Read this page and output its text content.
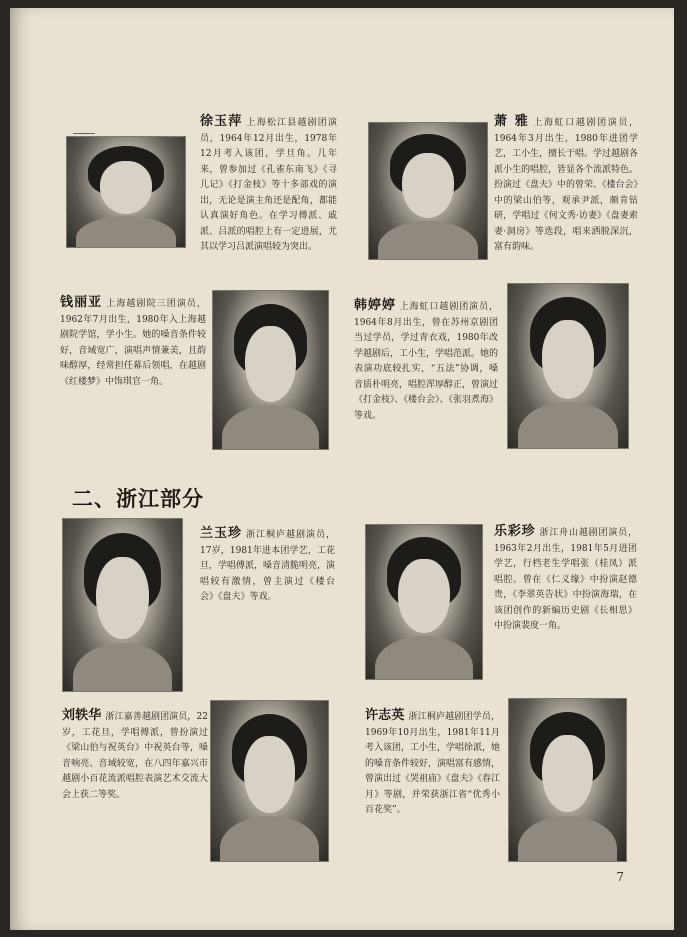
徐玉萍 上海松江县越剧团演员，1964年12月出生，1978年12月考入该团，学旦角。几年来，曾参加过《孔雀东南飞》《寻儿记》《打金枝》等十多部戏的演出，无论是演主角还是配角，都能认真演好角色。在学习傅派、戚派、吕派的唱腔上有一定进展，尤其以学习吕派演唱较为突出。
萧 雅 上海虹口越剧团演员，1964年3月出生，1980年进团学艺，工小生，擅长于唱。学过越剧各派小生的唱腔，皆显各个流派特色。扮演过《盘夫》中的曾荣、《楼台会》中的梁山伯等，观承尹派，颇肯钻研，学唱过《何文秀·访妻》《盘妻索妻·洞房》等选段，唱来洒脱深沉，富有韵味。
钱丽亚 上海越剧院三团演员，1962年7月出生，1980年入上海越剧院学馆，学小生。她的嗓音条件较好，音域宽广，演唱声情兼美，且韵味醇厚，经常担任幕后领唱，在越剧《红楼梦》中饰琪官一角。
韩婷婷 上海虹口越剧团演员，1964年8月出生，曾在苏州京剧团当过学员，学过青衣戏，1980年改学越剧后，工小生，学唱范派。她的表演功底较扎实，“五法”协调，嗓音质朴明亮，唱腔浑厚醇正，曾演过《打金枝》、《楼台会》、《张羽煮海》等戏。
二、浙江部分
兰玉珍 浙江桐庐越剧演员，17岁，1981年进本团学艺，工花旦，学唱傅派，嗓音清脆明亮，演唱较有激情，曾主演过《楼台会》《盘夫》等戏。
乐彩珍 浙江舟山越剧团演员，1963年2月出生，1981年5月进团学艺，行档老生学唱张（桂凤）派唱腔。曾在《仁义缘》中扮演赵德贵，《李翠英告状》中扮演海瑞，在该团创作的新编历史剧《长相思》中扮演裴度一角。
刘轶华 浙江嘉善越剧团演员，22岁，工花旦，学唱傅派，曾扮演过《梁山伯与祝英台》中祝英台等，嗓音响亮、音域较宽，在八四年嘉兴市越剧小百花流派唱腔表演艺术交流大会上获二等奖。
许志英 浙江桐庐越剧团学员，1969年10月出生，1981年11月考入该团，工小生，学唱徐派，她的嗓音条件较好，演唱富有感情，曾演出过《哭祖庙》《盘夫》《春江月》等剧，并荣获浙江省“优秀小百花奖”。
7
